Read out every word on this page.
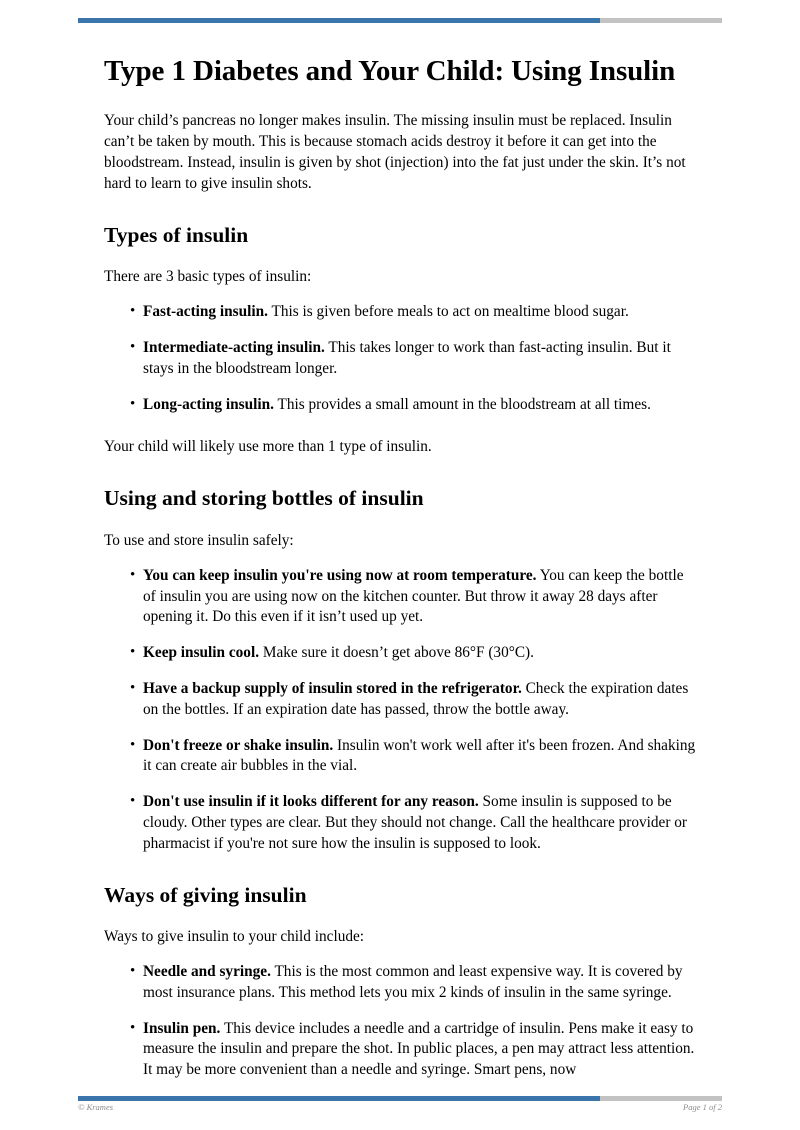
Type 1 Diabetes and Your Child: Using Insulin

Your child’s pancreas no longer makes insulin. The missing insulin must be replaced. Insulin can’t be taken by mouth. This is because stomach acids destroy it before it can get into the bloodstream. Instead, insulin is given by shot (injection) into the fat just under the skin. It’s not hard to learn to give insulin shots.

Types of insulin

There are 3 basic types of insulin:

• Fast-acting insulin. This is given before meals to act on mealtime blood sugar.
• Intermediate-acting insulin. This takes longer to work than fast-acting insulin. But it stays in the bloodstream longer.
• Long-acting insulin. This provides a small amount in the bloodstream at all times.

Your child will likely use more than 1 type of insulin.

Using and storing bottles of insulin

To use and store insulin safely:

• You can keep insulin you're using now at room temperature. You can keep the bottle of insulin you are using now on the kitchen counter. But throw it away 28 days after opening it. Do this even if it isn’t used up yet.
• Keep insulin cool. Make sure it doesn’t get above 86°F (30°C).
• Have a backup supply of insulin stored in the refrigerator. Check the expiration dates on the bottles. If an expiration date has passed, throw the bottle away.
• Don't freeze or shake insulin. Insulin won't work well after it's been frozen. And shaking it can create air bubbles in the vial.
• Don't use insulin if it looks different for any reason. Some insulin is supposed to be cloudy. Other types are clear. But they should not change. Call the healthcare provider or pharmacist if you're not sure how the insulin is supposed to look.
Ways of giving insulin

Ways to give insulin to your child include:

• Needle and syringe. This is the most common and least expensive way. It is covered by most insurance plans. This method lets you mix 2 kinds of insulin in the same syringe.
• Insulin pen. This device includes a needle and a cartridge of insulin. Pens make it easy to measure the insulin and prepare the shot. In public places, a pen may attract less attention. It may be more convenient than a needle and syringe. Smart pens, now
© Krames	Page 1 of 2
